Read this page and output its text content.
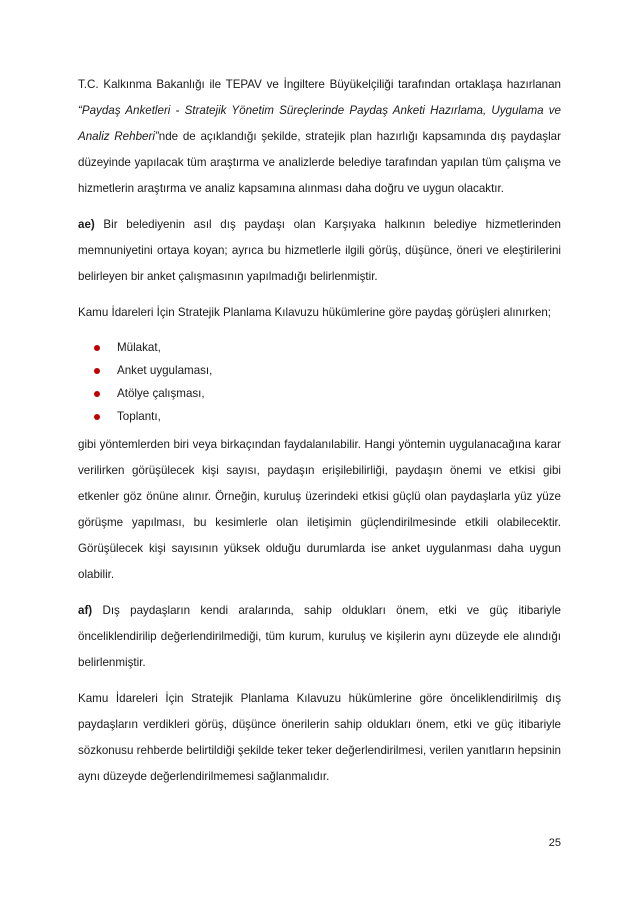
T.C. Kalkınma Bakanlığı ile TEPAV ve İngiltere Büyükelçiliği tarafından ortaklaşa hazırlanan “Paydaş Anketleri - Stratejik Yönetim Süreçlerinde Paydaş Anketi Hazırlama, Uygulama ve Analiz Rehberi”nde de açıklandığı şekilde, stratejik plan hazırlığı kapsamında dış paydaşlar düzeyinde yapılacak tüm araştırma ve analizlerde belediye tarafından yapılan tüm çalışma ve hizmetlerin araştırma ve analiz kapsamına alınması daha doğru ve uygun olacaktır.

ae) Bir belediyenin asıl dış paydaşı olan Karşıyaka halkının belediye hizmetlerinden memnuniyetini ortaya koyan; ayrıca bu hizmetlerle ilgili görüş, düşünce, öneri ve eleştirilerini belirleyen bir anket çalışmasının yapılmadığı belirlenmiştir.

Kamu İdareleri İçin Stratejik Planlama Kılavuzu hükümlerine göre paydaş görüşleri alınırken;

Mülakat,
Anket uygulaması,
Atölye çalışması,
Toplantı,

gibi yöntemlerden biri veya birkaçından faydalanılabilir. Hangi yöntemin uygulanacağına karar verilirken görüşülecek kişi sayısı, paydaşın erişilebilirliği, paydaşın önemi ve etkisi gibi etkenler göz önüne alınır. Örneğin, kuruluş üzerindeki etkisi güçlü olan paydaşlarla yüz yüze görüşme yapılması, bu kesimlerle olan iletişimin güçlendirilmesinde etkili olabilecektir. Görüşülecek kişi sayısının yüksek olduğu durumlarda ise anket uygulanması daha uygun olabilir.

af) Dış paydaşların kendi aralarında, sahip oldukları önem, etki ve güç itibariyle önceliklendirilip değerlendirilmediği, tüm kurum, kuruluş ve kişilerin aynı düzeyde ele alındığı belirlenmiştir.

Kamu İdareleri İçin Stratejik Planlama Kılavuzu hükümlerine göre önceliklendirilmiş dış paydaşların verdikleri görüş, düşünce önerilerin sahip oldukları önem, etki ve güç itibariyle sözkonusu rehberde belirtildiği şekilde teker teker değerlendirilmesi, verilen yanıtların hepsinin aynı düzeyde değerlendirilmemesi sağlanmalıdır.

25
